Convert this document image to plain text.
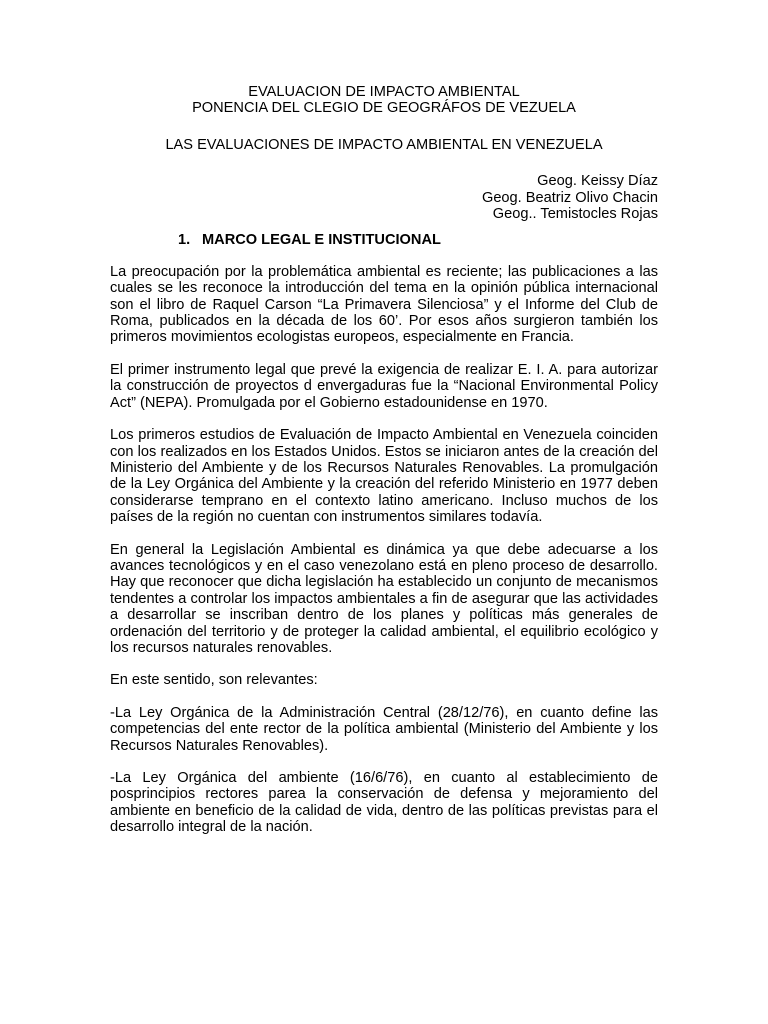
EVALUACION DE IMPACTO AMBIENTAL
PONENCIA DEL CLEGIO DE GEOGRÁFOS DE VEZUELA
LAS EVALUACIONES DE IMPACTO AMBIENTAL EN VENEZUELA
Geog. Keissy Díaz
Geog. Beatriz Olivo Chacin
Geog.. Temistocles Rojas
1. MARCO LEGAL E INSTITUCIONAL

La preocupación por la problemática ambiental es reciente; las publicaciones a las cuales se les reconoce la introducción del tema en la opinión pública internacional son el libro de Raquel Carson “La Primavera Silenciosa” y el Informe del Club de Roma, publicados en la década de los 60’. Por esos años surgieron también los primeros movimientos ecologistas europeos, especialmente en Francia.

El primer instrumento legal que prevé la exigencia de realizar E. I. A. para autorizar la construcción de proyectos d envergaduras fue la “Nacional Environmental Policy Act” (NEPA). Promulgada por el Gobierno estadounidense en 1970.

Los primeros estudios de Evaluación de Impacto Ambiental en Venezuela coinciden con los realizados en los Estados Unidos. Estos se iniciaron antes de la creación del Ministerio del Ambiente y de los Recursos Naturales Renovables. La promulgación de la Ley Orgánica del Ambiente y la creación del referido Ministerio en 1977 deben considerarse temprano en el contexto latino americano. Incluso muchos de los países de la región no cuentan con instrumentos similares todavía.

En general la Legislación Ambiental es dinámica ya que debe adecuarse a los avances tecnológicos y en el caso venezolano está en pleno proceso de desarrollo. Hay que reconocer que dicha legislación ha establecido un conjunto de mecanismos tendentes a controlar los impactos ambientales a fin de asegurar que las actividades a desarrollar se inscriban dentro de los planes y políticas más generales de ordenación del territorio y de proteger la calidad ambiental, el equilibrio ecológico y los recursos naturales renovables.

En este sentido, son relevantes:

-La Ley Orgánica de la Administración Central (28/12/76), en cuanto define las competencias del ente rector de la política ambiental (Ministerio del Ambiente y los Recursos Naturales Renovables).

-La Ley Orgánica del ambiente (16/6/76), en cuanto al establecimiento de posprincipios rectores parea la conservación de defensa y mejoramiento del ambiente en beneficio de la calidad de vida, dentro de las políticas previstas para el desarrollo integral de la nación.
